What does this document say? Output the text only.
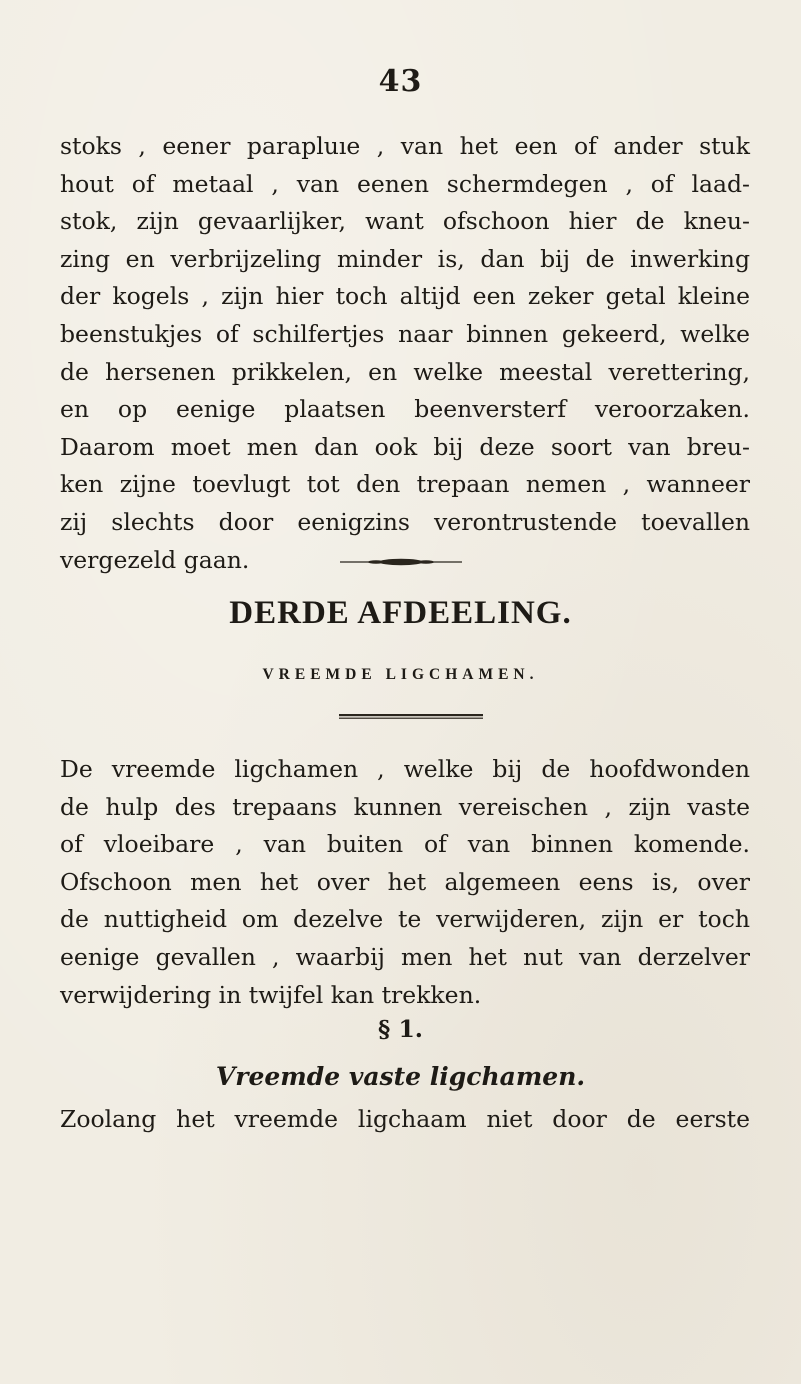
43
stoks , eener parapluıe , van het een of ander stuk
hout of metaal , van eenen schermdegen , of laad-
stok, zijn gevaarlijker, want ofschoon hier de kneu-
zing en verbrijzeling minder is, dan bij de inwerking
der kogels , zijn hier toch altijd een zeker getal kleine
beenstukjes of schilfertjes naar binnen gekeerd, welke
de hersenen prikkelen, en welke meestal verettering,
en op eenige plaatsen beenversterf veroorzaken.
Daarom moet men dan ook bij deze soort van breu-
ken zijne toevlugt tot den trepaan nemen , wanneer
zij slechts door eenigzins verontrustende toevallen
vergezeld gaan.
DERDE AFDEELING.
VREEMDE LIGCHAMEN.
De vreemde ligchamen , welke bij de hoofdwonden
de hulp des trepaans kunnen vereischen , zijn vaste
of vloeibare , van buiten of van binnen komende.
Ofschoon men het over het algemeen eens is, over
de nuttigheid om dezelve te verwijderen, zijn er toch
eenige gevallen , waarbij men het nut van derzelver
verwijdering in twijfel kan trekken.
§ 1.
Vreemde vaste ligchamen.
Zoolang het vreemde ligchaam niet door de eerste
